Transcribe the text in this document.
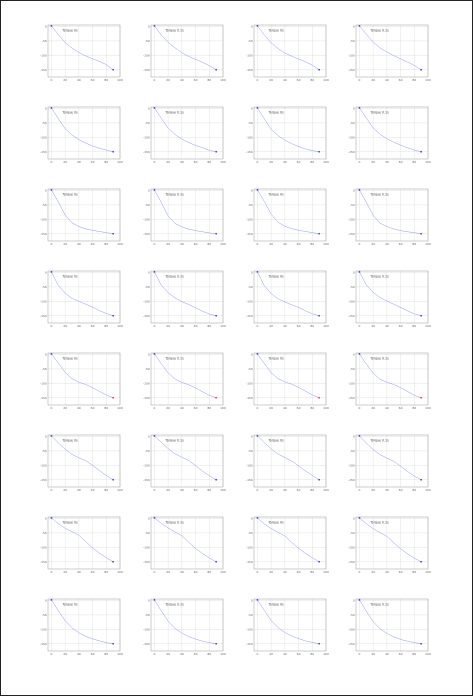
0	20	40	60	80	100
-150
-100
-50
0
Torque 0s
0	20	40	60	80	100
-150
-100
-50
0
Torque 0.1s
0	20	40	60	80	100
-150
-100
-50
0
Torque 0s
0	20	40	60	80	100
-150
-100
-50
0
Torque 0.1s
0	20	40	60	80	100
-150
-100
-50
0
Torque 0s
0	20	40	60	80	100
-150
-100
-50
0
Torque 0.1s
0	20	40	60	80	100
-150
-100
-50
0
Torque 0s
0	20	40	60	80	100
-150
-100
-50
0
Torque 0.1s
0	20	40	60	80	100
-150
-100
-50
0
Torque 0s
0	20	40	60	80	100
-150
-100
-50
0
Torque 0.1s
0	20	40	60	80	100
-150
-100
-50
0
Torque 0s
0	20	40	60	80	100
-150
-100
-50
0
Torque 0.1s
0	20	40	60	80	100
-150
-100
-50
0
Torque 0s
0	20	40	60	80	100
-150
-100
-50
0
Torque 0.1s
0	20	40	60	80	100
-150
-100
-50
0
Torque 0s
0	20	40	60	80	100
-150
-100
-50
0
Torque 0.1s
0	20	40	60	80	100
-150
-100
-50
0
Torque 0s
0	20	40	60	80	100
-150
-100
-50
0
Torque 0.1s
0	20	40	60	80	100
-150
-100
-50
0
Torque 0s
0	20	40	60	80	100
-150
-100
-50
0
Torque 0.1s
0	20	40	60	80	100
-150
-100
-50
0
Torque 0s
0	20	40	60	80	100
-150
-100
-50
0
Torque 0.1s
0	20	40	60	80	100
-150
-100
-50
0
Torque 0s
0	20	40	60	80	100
-150
-100
-50
0
Torque 0.1s
0	20	40	60	80	100
-150
-100
-50
0
Torque 0s
0	20	40	60	80	100
-150
-100
-50
0
Torque 0.1s
0	20	40	60	80	100
-150
-100
-50
0
Torque 0s
0	20	40	60	80	100
-150
-100
-50
0
Torque 0.1s
0	20	40	60	80	100
-150
-100
-50
0
Torque 0s
0	20	40	60	80	100
-150
-100
-50
0
Torque 0.1s
0	20	40	60	80	100
-150
-100
-50
0
Torque 0s
0	20	40	60	80	100
-150
-100
-50
0
Torque 0.1s
